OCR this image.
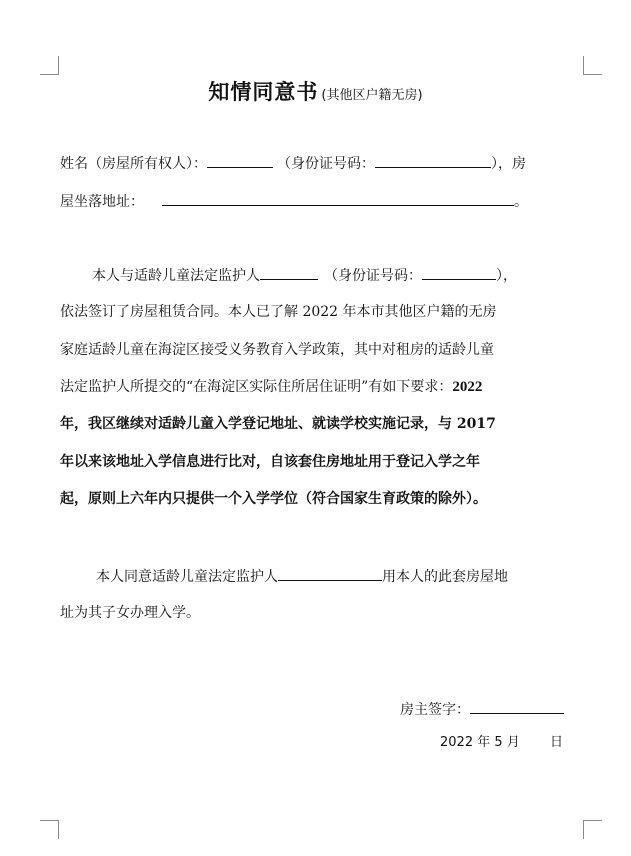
知情同意书 (其他区户籍无房)
姓名（房屋所有权人）：	（身份证号码：	），房
屋坐落地址：	。
本人与适龄儿童法定监护人	（身份证号码：	），
依法签订了房屋租赁合同。本人已了解 2022 年本市其他区户籍的无房
家庭适龄儿童在海淀区接受义务教育入学政策，其中对租房的适龄儿童
法定监护人所提交的“在海淀区实际住所居住证明”有如下要求：2022
年，我区继续对适龄儿童入学登记地址、就读学校实施记录，与 2017
年以来该地址入学信息进行比对，自该套住房地址用于登记入学之年
起，原则上六年内只提供一个入学学位（符合国家生育政策的除外）。
本人同意适龄儿童法定监护人	用本人的此套房屋地
址为其子女办理入学。
房主签字：
2022 年 5 月 日
